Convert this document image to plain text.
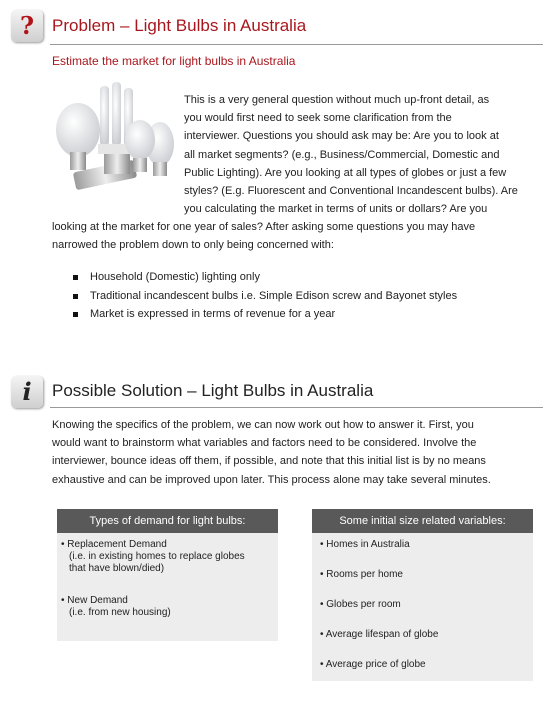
? Problem – Light Bulbs in Australia
Estimate the market for light bulbs in Australia
This is a very general question without much up-front detail, as
you would first need to seek some clarification from the
interviewer. Questions you should ask may be: Are you to look at
all market segments? (e.g., Business/Commercial, Domestic and
Public Lighting). Are you looking at all types of globes or just a few
styles? (E.g. Fluorescent and Conventional Incandescent bulbs). Are
you calculating the market in terms of units or dollars? Are you
looking at the market for one year of sales? After asking some questions you may have
narrowed the problem down to only being concerned with:
Household (Domestic) lighting only
Traditional incandescent bulbs i.e. Simple Edison screw and Bayonet styles
Market is expressed in terms of revenue for a year
i Possible Solution – Light Bulbs in Australia
Knowing the specifics of the problem, we can now work out how to answer it. First, you
would want to brainstorm what variables and factors need to be considered. Involve the
interviewer, bounce ideas off them, if possible, and note that this initial list is by no means
exhaustive and can be improved upon later. This process alone may take several minutes.
Types of demand for light bulbs:
• Replacement Demand
(i.e. in existing homes to replace globes
that have blown/died)
• New Demand
(i.e. from new housing)
Some initial size related variables:
• Homes in Australia
• Rooms per home
• Globes per room
• Average lifespan of globe
• Average price of globe
